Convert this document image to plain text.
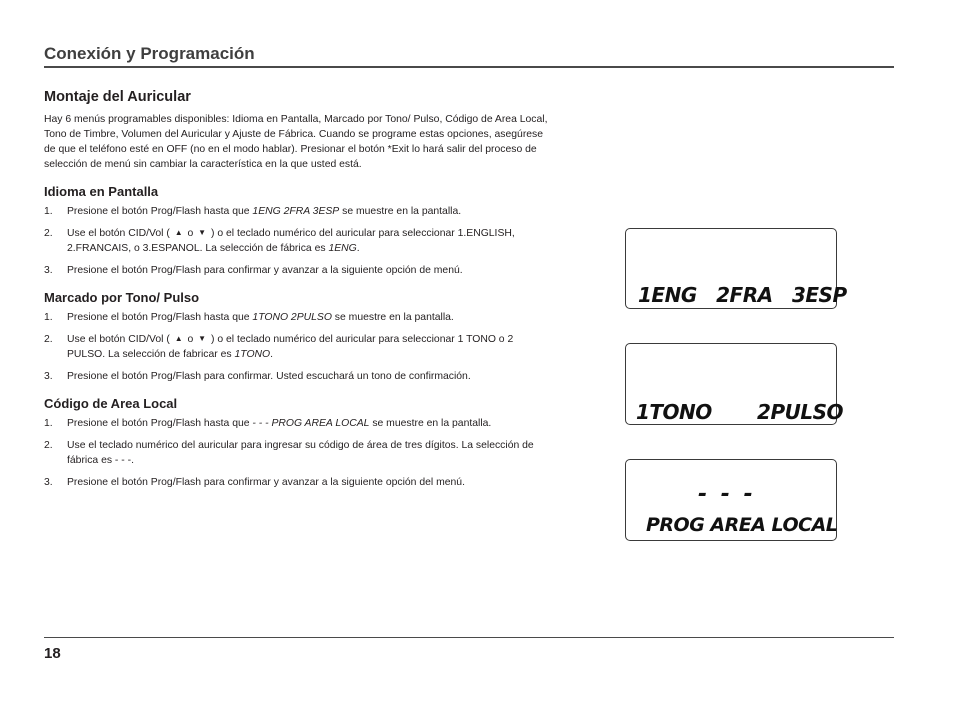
Conexión y Programación
Montaje del Auricular
Hay 6 menús programables disponibles: Idioma en Pantalla, Marcado por Tono/ Pulso, Código de Area Local, Tono de Timbre, Volumen del Auricular y Ajuste de Fábrica. Cuando se programe estas opciones, asegúrese de que el teléfono esté en OFF (no en el modo hablar). Presionar el botón *Exit lo hará salir del proceso de selección de menú sin cambiar la característica en la que usted está.
Idioma en Pantalla
1. Presione el botón Prog/Flash hasta que 1ENG 2FRA 3ESP se muestre en la pantalla.
2. Use el botón CID/Vol ( ▲ o ▼ ) o el teclado numérico del auricular para seleccionar 1.ENGLISH, 2.FRANCAIS, o 3.ESPANOL. La selección de fábrica es 1ENG.
3. Presione el botón Prog/Flash para confirmar y avanzar a la siguiente opción de menú.
Marcado por Tono/ Pulso
1. Presione el botón Prog/Flash hasta que 1TONO 2PULSO se muestre en la pantalla.
2. Use el botón CID/Vol ( ▲ o ▼ ) o el teclado numérico del auricular para seleccionar 1 TONO o 2 PULSO. La selección de fabricar es 1TONO.
3. Presione el botón Prog/Flash para confirmar. Usted escuchará un tono de confirmación.
Código de Area Local
1. Presione el botón Prog/Flash hasta que - - - PROG AREA LOCAL se muestre en la pantalla.
2. Use el teclado numérico del auricular para ingresar su código de área de tres dígitos. La selección de fábrica es - - -.
3. Presione el botón Prog/Flash para confirmar y avanzar a la siguiente opción del menú.
1ENG   2FRA   3ESP
1TONO       2PULSO
- - -
PROG AREA LOCAL
18
